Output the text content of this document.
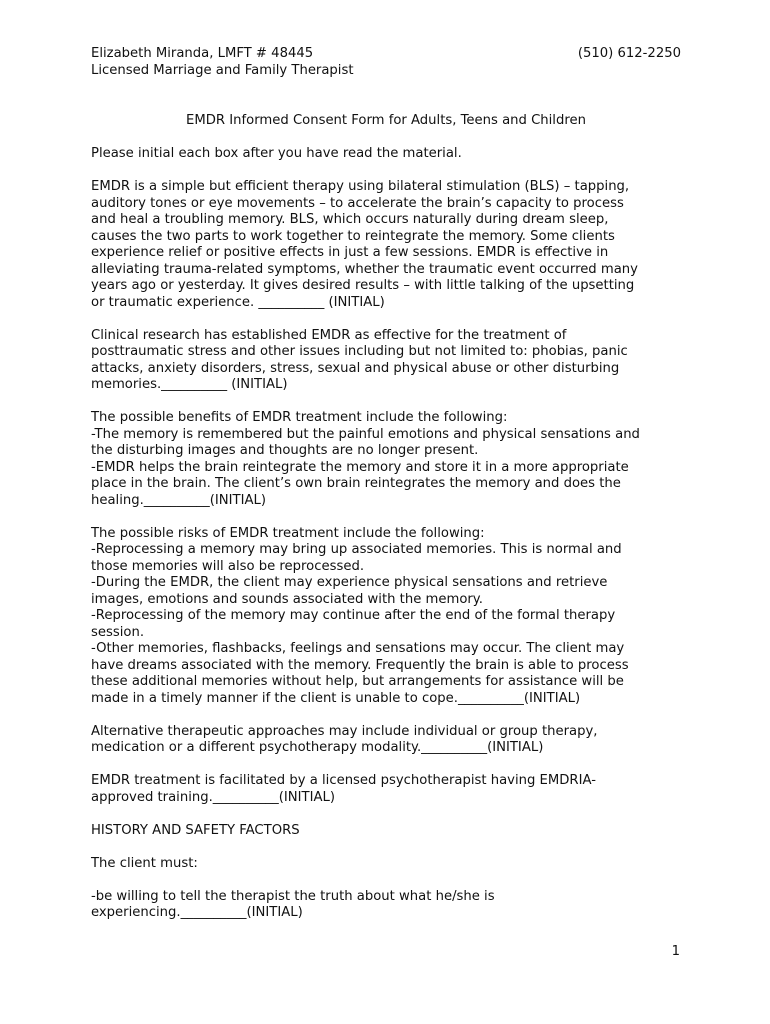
Elizabeth Miranda, LMFT # 48445	(510) 612-2250
Licensed Marriage and Family Therapist
EMDR Informed Consent Form for Adults, Teens and Children

Please initial each box after you have read the material.

EMDR is a simple but efficient therapy using bilateral stimulation (BLS) – tapping,
auditory tones or eye movements – to accelerate the brain’s capacity to process
and heal a troubling memory. BLS, which occurs naturally during dream sleep,
causes the two parts to work together to reintegrate the memory. Some clients
experience relief or positive effects in just a few sessions. EMDR is effective in
alleviating trauma-related symptoms, whether the traumatic event occurred many
years ago or yesterday. It gives desired results – with little talking of the upsetting
or traumatic experience. __________ (INITIAL)

Clinical research has established EMDR as effective for the treatment of
posttraumatic stress and other issues including but not limited to: phobias, panic
attacks, anxiety disorders, stress, sexual and physical abuse or other disturbing
memories.__________ (INITIAL)

The possible benefits of EMDR treatment include the following:
-The memory is remembered but the painful emotions and physical sensations and
the disturbing images and thoughts are no longer present.
-EMDR helps the brain reintegrate the memory and store it in a more appropriate
place in the brain. The client’s own brain reintegrates the memory and does the
healing.__________(INITIAL)

The possible risks of EMDR treatment include the following:
-Reprocessing a memory may bring up associated memories. This is normal and
those memories will also be reprocessed.
-During the EMDR, the client may experience physical sensations and retrieve
images, emotions and sounds associated with the memory.
-Reprocessing of the memory may continue after the end of the formal therapy
session.
-Other memories, flashbacks, feelings and sensations may occur. The client may
have dreams associated with the memory. Frequently the brain is able to process
these additional memories without help, but arrangements for assistance will be
made in a timely manner if the client is unable to cope.__________(INITIAL)

Alternative therapeutic approaches may include individual or group therapy,
medication or a different psychotherapy modality.__________(INITIAL)

EMDR treatment is facilitated by a licensed psychotherapist having EMDRIA-
approved training.__________(INITIAL)

HISTORY AND SAFETY FACTORS

The client must:

-be willing to tell the therapist the truth about what he/she is
experiencing.__________(INITIAL)

1
